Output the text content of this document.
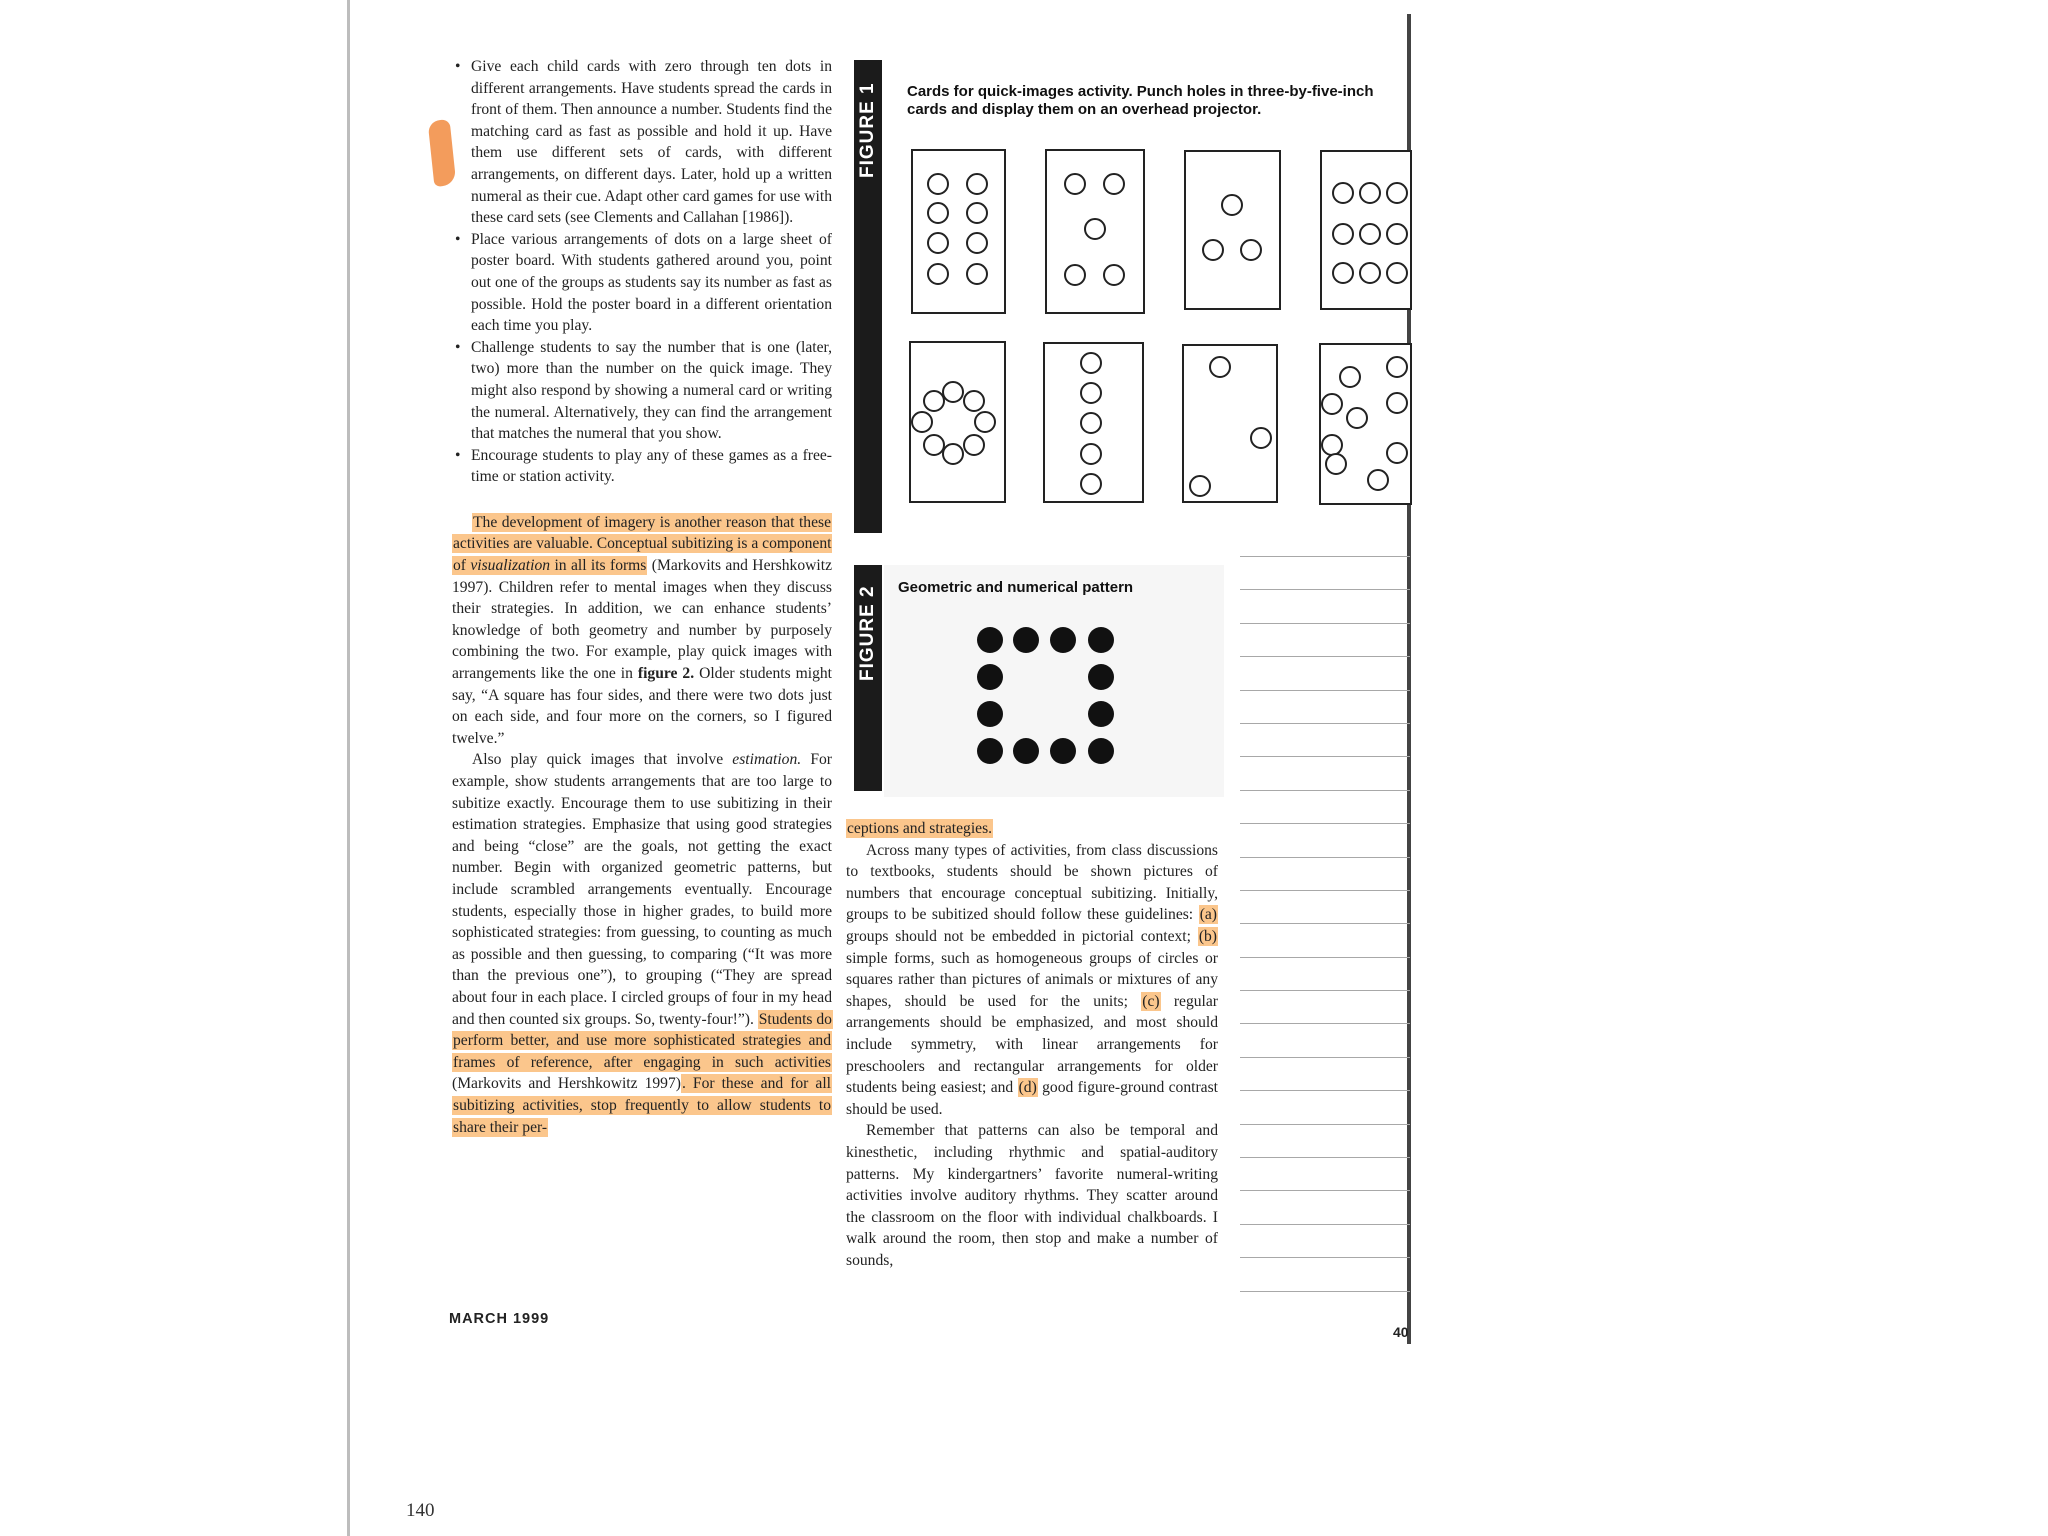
• Give each child cards with zero through ten dots in different arrangements. Have students spread the cards in front of them. Then announce a number. Students find the matching card as fast as possible and hold it up. Have them use different sets of cards, with different arrangements, on different days. Later, hold up a written numeral as their cue. Adapt other card games for use with these card sets (see Clements and Callahan [1986]).
• Place various arrangements of dots on a large sheet of poster board. With students gathered around you, point out one of the groups as students say its number as fast as possible. Hold the poster board in a different orientation each time you play.
• Challenge students to say the number that is one (later, two) more than the number on the quick image. They might also respond by showing a numeral card or writing the numeral. Alternatively, they can find the arrangement that matches the numeral that you show.
• Encourage students to play any of these games as a free-time or station activity.

The development of imagery is another reason that these activities are valuable. Conceptual subitizing is a component of visualization in all its forms (Markovits and Hershkowitz 1997). Children refer to mental images when they discuss their strategies. In addition, we can enhance students’ knowledge of both geometry and number by purposely combining the two. For example, play quick images with arrangements like the one in figure 2. Older students might say, “A square has four sides, and there were two dots just on each side, and four more on the corners, so I figured twelve.”

Also play quick images that involve estimation. For example, show students arrangements that are too large to subitize exactly. Encourage them to use subitizing in their estimation strategies. Emphasize that using good strategies and being “close” are the goals, not getting the exact number. Begin with organized geometric patterns, but include scrambled arrangements eventually. Encourage students, especially those in higher grades, to build more sophisticated strategies: from guessing, to counting as much as possible and then guessing, to comparing (“It was more than the previous one”), to grouping (“They are spread about four in each place. I circled groups of four in my head and then counted six groups. So, twenty-four!”). Students do perform better, and use more sophisticated strategies and frames of reference, after engaging in such activities (Markovits and Hershkowitz 1997). For these and for all subitizing activities, stop frequently to allow students to share their per-

FIGURE 1 Cards for quick-images activity. Punch holes in three-by-five-inch cards and display them on an overhead projector.
FIGURE 2 Geometric and numerical pattern

ceptions and strategies.

Across many types of activities, from class discussions to textbooks, students should be shown pictures of numbers that encourage conceptual subitizing. Initially, groups to be subitized should follow these guidelines: (a) groups should not be embedded in pictorial context; (b) simple forms, such as homogeneous groups of circles or squares rather than pictures of animals or mixtures of any shapes, should be used for the units; (c) regular arrangements should be emphasized, and most should include symmetry, with linear arrangements for preschoolers and rectangular arrangements for older students being easiest; and (d) good figure-ground contrast should be used.

Remember that patterns can also be temporal and kinesthetic, including rhythmic and spatial-auditory patterns. My kindergartners’ favorite numeral-writing activities involve auditory rhythms. They scatter around the classroom on the floor with individual chalkboards. I walk around the room, then stop and make a number of sounds,

MARCH 1999
40
140
